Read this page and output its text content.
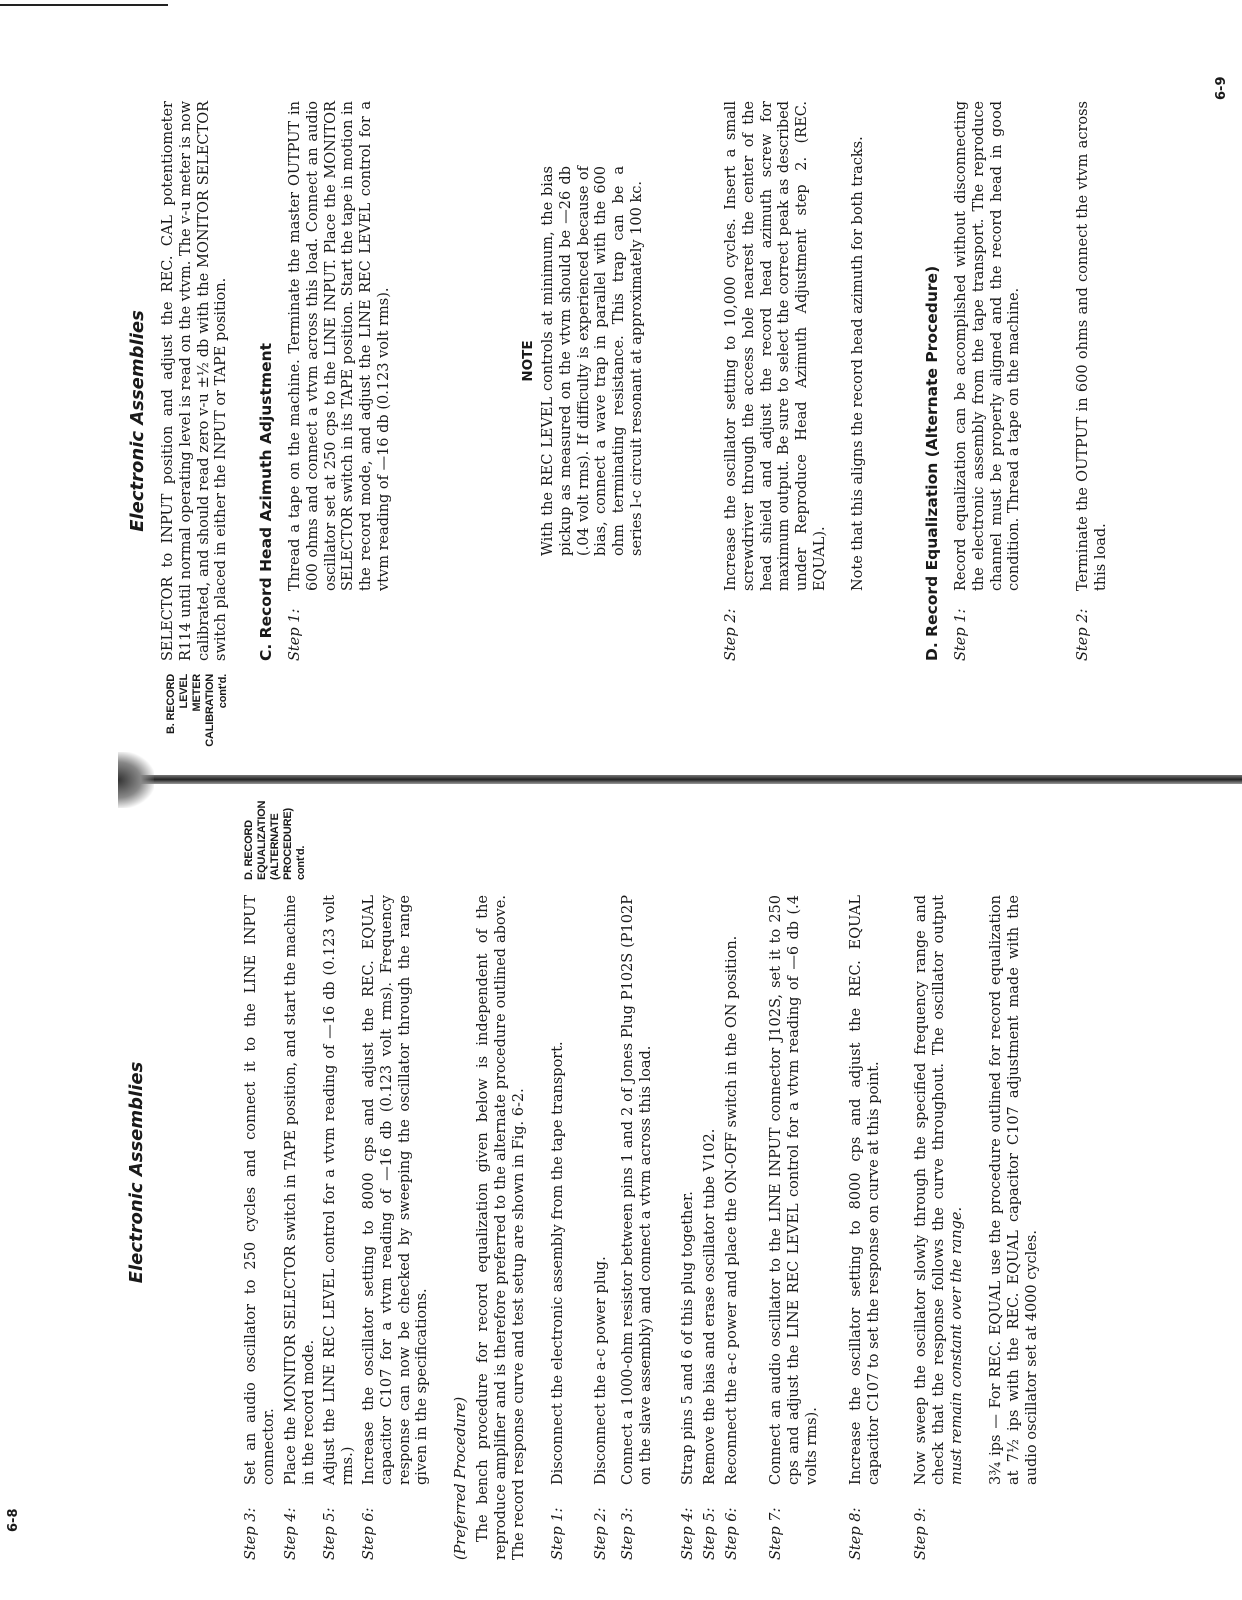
Electronic Assemblies
B. RECORD LEVEL METER CALIBRATION cont'd.
SELECTOR to INPUT position and adjust the REC. CAL potentiometer R114 until normal operating level is read on the vtvm. The v-u meter is now calibrated, and should read zero v-u ±½ db with the MONITOR SELECTOR switch placed in either the INPUT or TAPE position. C. Record Head Azimuth Adjustment Step 1:
Thread a tape on the machine. Terminate the master OUTPUT in 600 ohms and connect a vtvm across this load. Connect an audio oscillator set at 250 cps to the LINE INPUT. Place the MONITOR SELECTOR switch in its TAPE position. Start the tape in motion in the record mode, and adjust the LINE REC LEVEL control for a vtvm reading of —16 db (0.123 volt rms).	NOTE With the REC LEVEL controls at minimum, the bias pickup as measured on the vtvm should be —26 db (.04 volt rms). If difficulty is experienced because of bias, connect a wave trap in parallel with the 600 ohm terminating resistance. This trap can be a series l-c circuit resonant at approximately 100 kc.
Step 2:
Increase the oscillator setting to 10,000 cycles. Insert a small screwdriver through the access hole nearest the center of the head shield and adjust the record head azimuth screw for maximum output. Be sure to select the correct peak as described under Reproduce Head Azimuth Adjustment step 2. (REC. EQUAL). Note that this aligns the record head azimuth for both tracks.	D. Record Equalization (Alternate Procedure) Step 1:
Record equalization can be accomplished without disconnecting the electronic assembly from the tape transport. The reproduce channel must be properly aligned and the record head in good condition. Thread a tape on the machine.
Step 2:
Terminate the OUTPUT in 600 ohms and connect the vtvm across this load.
6-8
Electronic Assemblies
D. RECORD EQUALIZATION (ALTERNATE PROCEDURE) cont'd.
Step 3:
Set an audio oscillator to 250 cycles and connect it to the LINE INPUT connector.
Step 4:
Place the MONITOR SELECTOR switch in TAPE position, and start the machine in the record mode.
Step 5:
Adjust the LINE REC LEVEL control for a vtvm reading of —16 db (0.123 volt rms.)
Step 6:
Increase the oscillator setting to 8000 cps and adjust the REC. EQUAL capacitor C107 for a vtvm reading of —16 db (0.123 volt rms). Frequency response can now be checked by sweeping the oscillator through the range given in the specifications. (Preferred Procedure) The bench procedure for record equalization given below is independent of the reproduce amplifier and is therefore preferred to the alternate procedure outlined above. The record response curve and test setup are shown in Fig. 6-2. Step 1:
Disconnect the electronic assembly from the tape transport.
Step 2:
Disconnect the a-c power plug.
Step 3:
Connect a 1000-ohm resistor between pins 1 and 2 of Jones Plug P102S (P102P on the slave assembly) and connect a vtvm across this load.
Step 4:
Strap pins 5 and 6 of this plug together.
Step 5:
Remove the bias and erase oscillator tube V102.
Step 6:
Reconnect the a-c power and place the ON-OFF switch in the ON position.
Step 7:
Connect an audio oscillator to the LINE INPUT connector J102S, set it to 250 cps and adjust the LINE REC LEVEL control for a vtvm reading of —6 db (.4 volts rms).
Step 8:
Increase the oscillator setting to 8000 cps and adjust the REC. EQUAL capacitor C107 to set the response on curve at this point.
Step 9:
Now sweep the oscillator slowly through the specified frequency range and check that the response follows the curve throughout. The oscillator output must remain constant over the range. 3¾ ips — For REC. EQUAL use the procedure outlined for record equalization at 7½ ips with the REC. EQUAL capacitor C107 adjustment made with the audio oscillator set at 4000 cycles.
6-9
